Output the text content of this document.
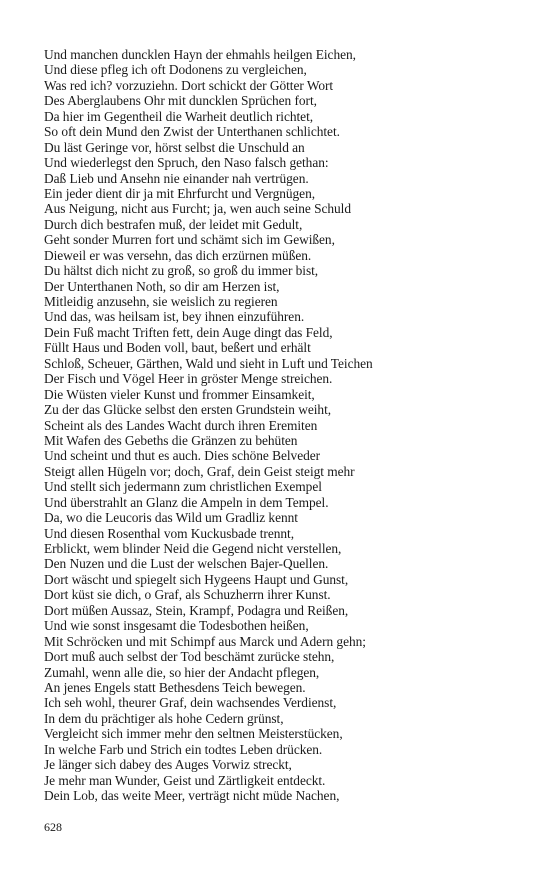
Und manchen duncklen Hayn der ehmahls heilgen Eichen,
Und diese pfleg ich oft Dodonens zu vergleichen,
Was red ich? vorzuziehn. Dort schickt der Götter Wort
Des Aberglaubens Ohr mit duncklen Sprüchen fort,
Da hier im Gegentheil die Warheit deutlich richtet,
So oft dein Mund den Zwist der Unterthanen schlichtet.
Du läst Geringe vor, hörst selbst die Unschuld an
Und wiederlegst den Spruch, den Naso falsch gethan:
Daß Lieb und Ansehn nie einander nah vertrügen.
Ein jeder dient dir ja mit Ehrfurcht und Vergnügen,
Aus Neigung, nicht aus Furcht; ja, wen auch seine Schuld
Durch dich bestrafen muß, der leidet mit Gedult,
Geht sonder Murren fort und schämt sich im Gewißen,
Dieweil er was versehn, das dich erzürnen müßen.
Du hältst dich nicht zu groß, so groß du immer bist,
Der Unterthanen Noth, so dir am Herzen ist,
Mitleidig anzusehn, sie weislich zu regieren
Und das, was heilsam ist, bey ihnen einzuführen.
Dein Fuß macht Triften fett, dein Auge dingt das Feld,
Füllt Haus und Boden voll, baut, beßert und erhält
Schloß, Scheuer, Gärthen, Wald und sieht in Luft und Teichen
Der Fisch und Vögel Heer in gröster Menge streichen.
Die Wüsten vieler Kunst und frommer Einsamkeit,
Zu der das Glücke selbst den ersten Grundstein weiht,
Scheint als des Landes Wacht durch ihren Eremiten
Mit Wafen des Gebeths die Gränzen zu behüten
Und scheint und thut es auch. Dies schöne Belveder
Steigt allen Hügeln vor; doch, Graf, dein Geist steigt mehr
Und stellt sich jedermann zum christlichen Exempel
Und überstrahlt an Glanz die Ampeln in dem Tempel.
Da, wo die Leucoris das Wild um Gradliz kennt
Und diesen Rosenthal vom Kuckusbade trennt,
Erblickt, wem blinder Neid die Gegend nicht verstellen,
Den Nuzen und die Lust der welschen Bajer-Quellen.
Dort wäscht und spiegelt sich Hygeens Haupt und Gunst,
Dort küst sie dich, o Graf, als Schuzherrn ihrer Kunst.
Dort müßen Aussaz, Stein, Krampf, Podagra und Reißen,
Und wie sonst insgesamt die Todesbothen heißen,
Mit Schröcken und mit Schimpf aus Marck und Adern gehn;
Dort muß auch selbst der Tod beschämt zurücke stehn,
Zumahl, wenn alle die, so hier der Andacht pflegen,
An jenes Engels statt Bethesdens Teich bewegen.
Ich seh wohl, theurer Graf, dein wachsendes Verdienst,
In dem du prächtiger als hohe Cedern grünst,
Vergleicht sich immer mehr den seltnen Meisterstücken,
In welche Farb und Strich ein todtes Leben drücken.
Je länger sich dabey des Auges Vorwiz streckt,
Je mehr man Wunder, Geist und Zärtligkeit entdeckt.
Dein Lob, das weite Meer, verträgt nicht müde Nachen,
628
